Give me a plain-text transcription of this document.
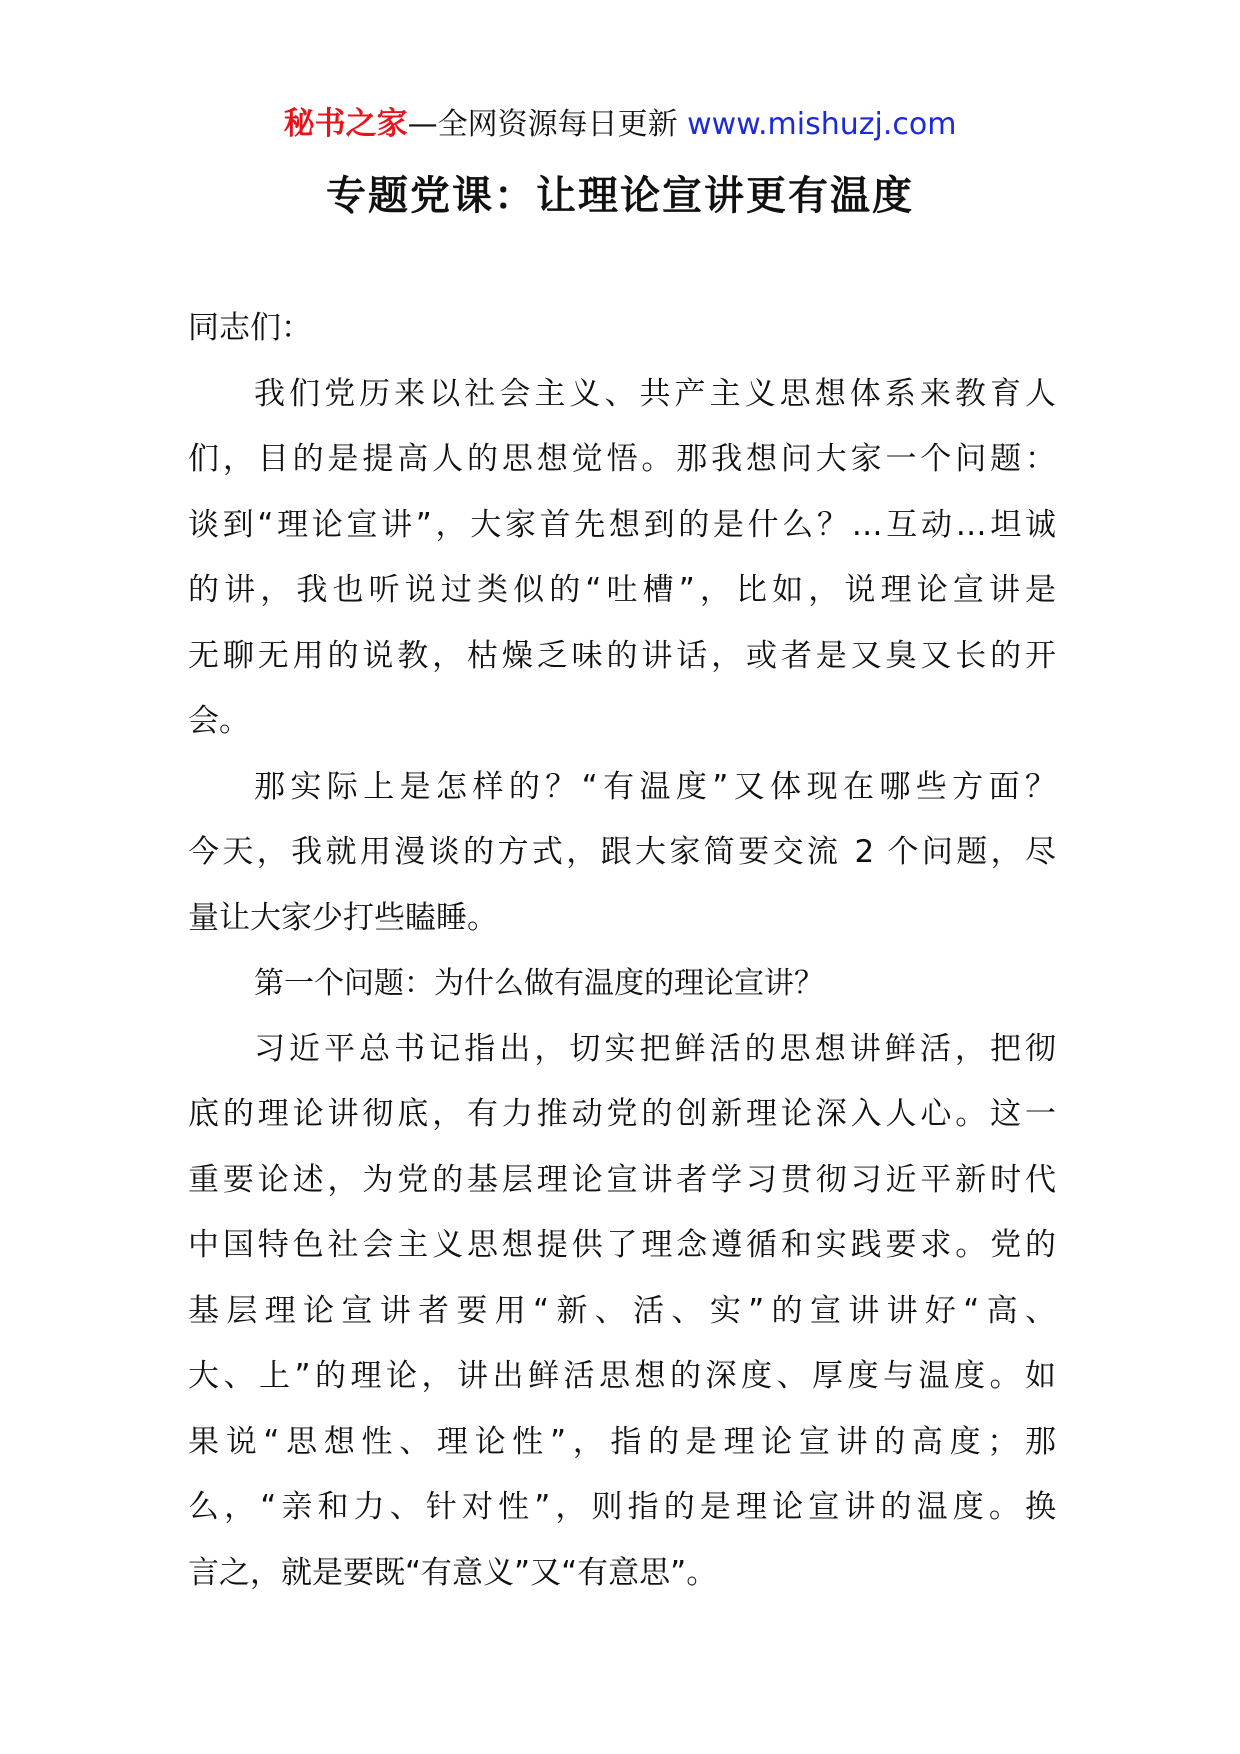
秘书之家—全网资源每日更新 www.mishuzj.com
专题党课：让理论宣讲更有温度

同志们：

我们党历来以社会主义、共产主义思想体系来教育人
们，目的是提高人的思想觉悟。那我想问大家一个问题：
谈到“理论宣讲”，大家首先想到的是什么？…互动…坦诚
的讲，我也听说过类似的“吐槽”，比如，说理论宣讲是
无聊无用的说教，枯燥乏味的讲话，或者是又臭又长的开
会。

那实际上是怎样的？“有温度”又体现在哪些方面？
今天，我就用漫谈的方式，跟大家简要交流 2 个问题，尽
量让大家少打些瞌睡。

第一个问题：为什么做有温度的理论宣讲？

习近平总书记指出，切实把鲜活的思想讲鲜活，把彻
底的理论讲彻底，有力推动党的创新理论深入人心。这一
重要论述，为党的基层理论宣讲者学习贯彻习近平新时代
中国特色社会主义思想提供了理念遵循和实践要求。党的
基层理论宣讲者要用“新、活、实”的宣讲讲好“高、
大、上”的理论，讲出鲜活思想的深度、厚度与温度。如
果说“思想性、理论性”，指的是理论宣讲的高度；那
么，“亲和力、针对性”，则指的是理论宣讲的温度。换
言之，就是要既“有意义”又“有意思”。
